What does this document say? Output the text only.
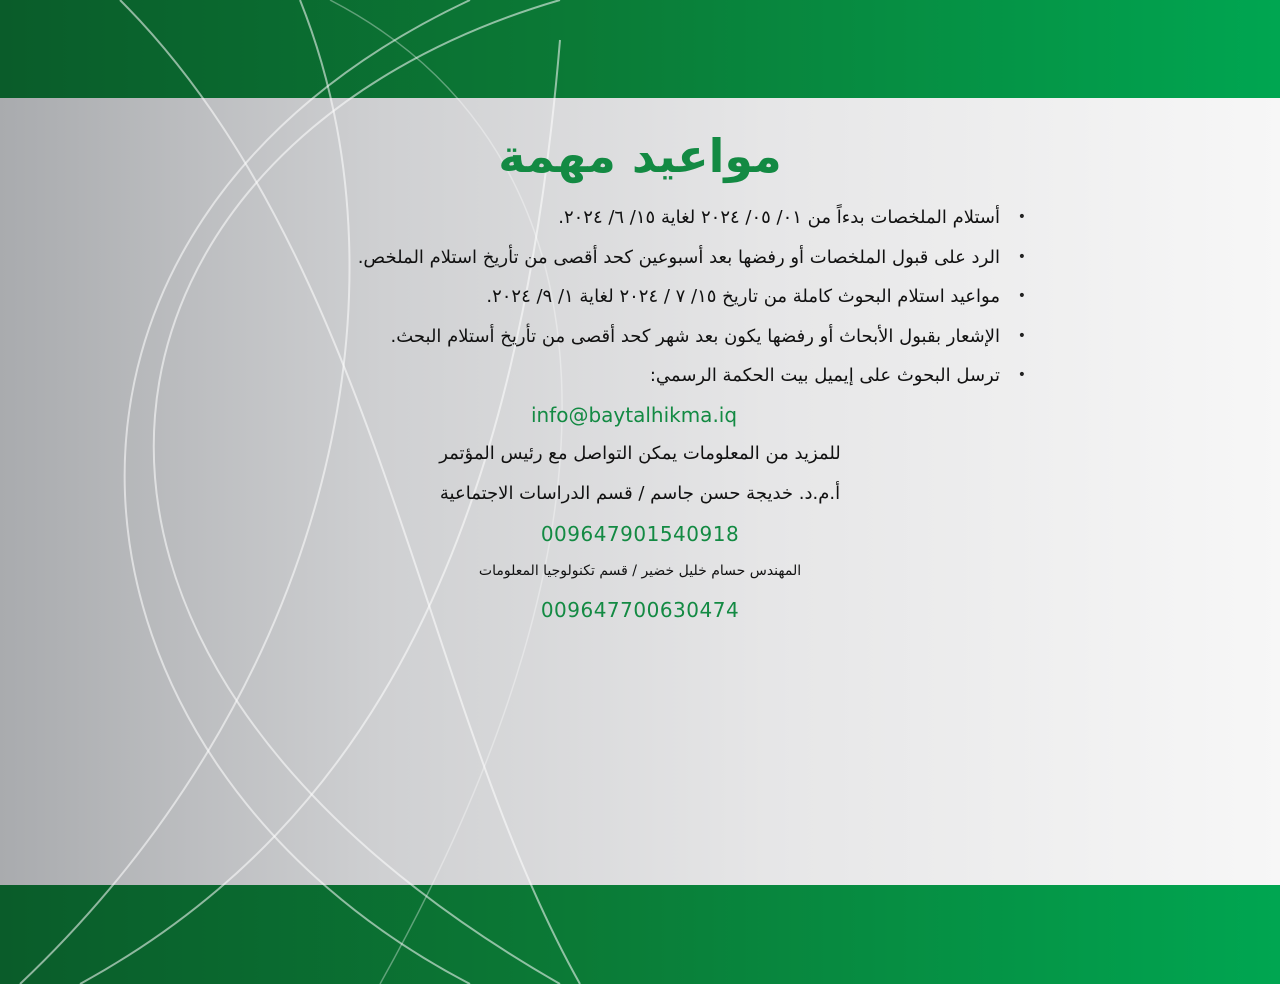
مواعيد مهمة
•
أستلام الملخصات بدءاً من ٠١/ ٠٥/ ٢٠٢٤ لغاية ١٥/ ٦/ ٢٠٢٤.
•
الرد على قبول الملخصات أو رفضها بعد أسبوعين كحد أقصى من تأريخ استلام الملخص.
•
مواعيد استلام البحوث كاملة من تاريخ ١٥/ ٧ / ٢٠٢٤ لغاية ١/ ٩/ ٢٠٢٤.
•
الإشعار بقبول الأبحاث أو رفضها يكون بعد شهر كحد أقصى من تأريخ أستلام البحث.
•
ترسل البحوث على إيميل بيت الحكمة الرسمي:
info@baytalhikma.iq
للمزيد من المعلومات يمكن التواصل مع رئيس المؤتمر
أ.م.د. خديجة حسن جاسم / قسم الدراسات الاجتماعية
009647901540918
المهندس حسام خليل خضير / قسم تكنولوجيا المعلومات
009647700630474
